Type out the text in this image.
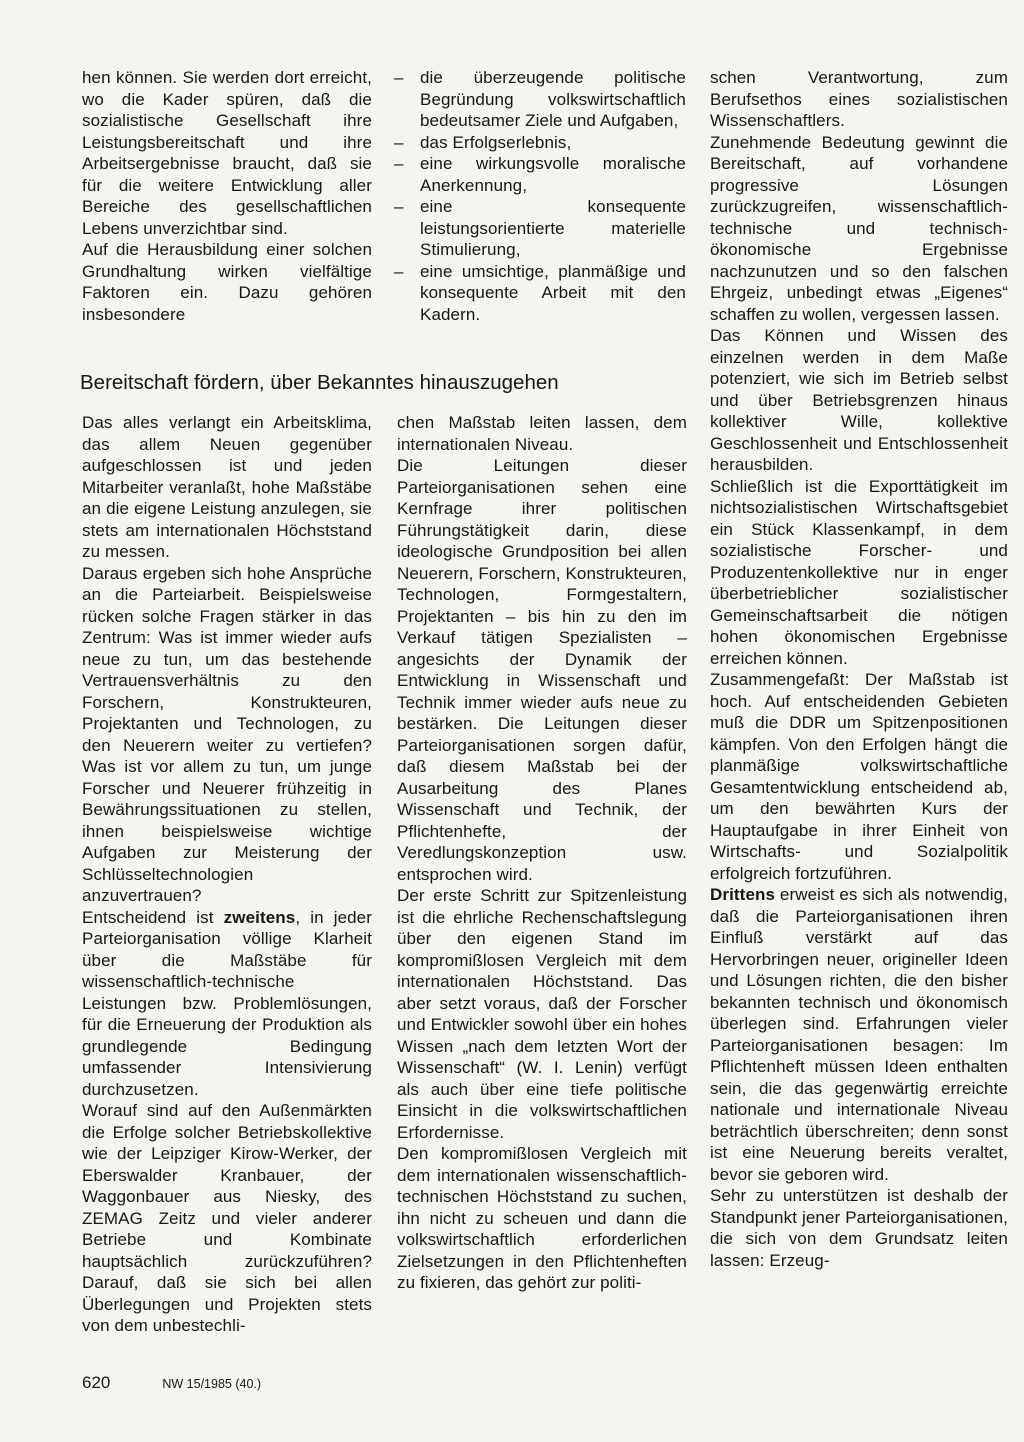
hen können. Sie werden dort erreicht, wo die Kader spüren, daß die sozialistische Gesellschaft ihre Leistungsbereitschaft und ihre Arbeitsergebnisse braucht, daß sie für die weitere Entwicklung aller Bereiche des gesellschaftlichen Lebens unverzichtbar sind.

Auf die Herausbildung einer solchen Grundhaltung wirken vielfältige Faktoren ein. Dazu gehören insbesondere

– die überzeugende politische Begründung volkswirtschaftlich bedeutsamer Ziele und Aufgaben,
– das Erfolgserlebnis,
– eine wirkungsvolle moralische Anerkennung,
– eine konsequente leistungsorientierte materielle Stimulierung,
– eine umsichtige, planmäßige und konsequente Arbeit mit den Kadern.
Bereitschaft fördern, über Bekanntes hinauszugehen

Das alles verlangt ein Arbeitsklima, das allem Neuen gegenüber aufgeschlossen ist und jeden Mitarbeiter veranlaßt, hohe Maßstäbe an die eigene Leistung anzulegen, sie stets am internationalen Höchststand zu messen.

Daraus ergeben sich hohe Ansprüche an die Parteiarbeit. Beispielsweise rücken solche Fragen stärker in das Zentrum: Was ist immer wieder aufs neue zu tun, um das bestehende Vertrauensverhältnis zu den Forschern, Konstrukteuren, Projektanten und Technologen, zu den Neuerern weiter zu vertiefen? Was ist vor allem zu tun, um junge Forscher und Neuerer frühzeitig in Bewährungssituationen zu stellen, ihnen beispielsweise wichtige Aufgaben zur Meisterung der Schlüsseltechnologien anzuvertrauen?

Entscheidend ist zweitens, in jeder Parteiorganisation völlige Klarheit über die Maßstäbe für wissenschaftlich-technische Leistungen bzw. Problemlösungen, für die Erneuerung der Produktion als grundlegende Bedingung umfassender Intensivierung durchzusetzen.

Worauf sind auf den Außenmärkten die Erfolge solcher Betriebskollektive wie der Leipziger Kirow-Werker, der Eberswalder Kranbauer, der Waggonbauer aus Niesky, des ZEMAG Zeitz und vieler anderer Betriebe und Kombinate hauptsächlich zurückzuführen? Darauf, daß sie sich bei allen Überlegungen und Projekten stets von dem unbestechli-

chen Maßstab leiten lassen, dem internationalen Niveau.

Die Leitungen dieser Parteiorganisationen sehen eine Kernfrage ihrer politischen Führungstätigkeit darin, diese ideologische Grundposition bei allen Neuerern, Forschern, Konstrukteuren, Technologen, Formgestaltern, Projektanten – bis hin zu den im Verkauf tätigen Spezialisten – angesichts der Dynamik der Entwicklung in Wissenschaft und Technik immer wieder aufs neue zu bestärken. Die Leitungen dieser Parteiorganisationen sorgen dafür, daß diesem Maßstab bei der Ausarbeitung des Planes Wissenschaft und Technik, der Pflichtenhefte, der Veredlungskonzeption usw. entsprochen wird.

Der erste Schritt zur Spitzenleistung ist die ehrliche Rechenschaftslegung über den eigenen Stand im kompromißlosen Vergleich mit dem internationalen Höchststand. Das aber setzt voraus, daß der Forscher und Entwickler sowohl über ein hohes Wissen „nach dem letzten Wort der Wissenschaft“ (W. I. Lenin) verfügt als auch über eine tiefe politische Einsicht in die volkswirtschaftlichen Erfordernisse.

Den kompromißlosen Vergleich mit dem internationalen wissenschaftlich-technischen Höchststand zu suchen, ihn nicht zu scheuen und dann die volkswirtschaftlich erforderlichen Zielsetzungen in den Pflichtenheften zu fixieren, das gehört zur politi-

schen Verantwortung, zum Berufsethos eines sozialistischen Wissenschaftlers.

Zunehmende Bedeutung gewinnt die Bereitschaft, auf vorhandene progressive Lösungen zurückzugreifen, wissenschaftlich-technische und technisch-ökonomische Ergebnisse nachzunutzen und so den falschen Ehrgeiz, unbedingt etwas „Eigenes“ schaffen zu wollen, vergessen lassen.

Das Können und Wissen des einzelnen werden in dem Maße potenziert, wie sich im Betrieb selbst und über Betriebsgrenzen hinaus kollektiver Wille, kollektive Geschlossenheit und Entschlossenheit herausbilden.

Schließlich ist die Exporttätigkeit im nichtsozialistischen Wirtschaftsgebiet ein Stück Klassenkampf, in dem sozialistische Forscher- und Produzentenkollektive nur in enger überbetrieblicher sozialistischer Gemeinschaftsarbeit die nötigen hohen ökonomischen Ergebnisse erreichen können.

Zusammengefaßt: Der Maßstab ist hoch. Auf entscheidenden Gebieten muß die DDR um Spitzenpositionen kämpfen. Von den Erfolgen hängt die planmäßige volkswirtschaftliche Gesamtentwicklung entscheidend ab, um den bewährten Kurs der Hauptaufgabe in ihrer Einheit von Wirtschafts- und Sozialpolitik erfolgreich fortzuführen.

Drittens erweist es sich als notwendig, daß die Parteiorganisationen ihren Einfluß verstärkt auf das Hervorbringen neuer, origineller Ideen und Lösungen richten, die den bisher bekannten technisch und ökonomisch überlegen sind. Erfahrungen vieler Parteiorganisationen besagen: Im Pflichtenheft müssen Ideen enthalten sein, die das gegenwärtig erreichte nationale und internationale Niveau beträchtlich überschreiten; denn sonst ist eine Neuerung bereits veraltet, bevor sie geboren wird.

Sehr zu unterstützen ist deshalb der Standpunkt jener Parteiorganisationen, die sich von dem Grundsatz leiten lassen: Erzeug-

620	NW 15/1985 (40.)
